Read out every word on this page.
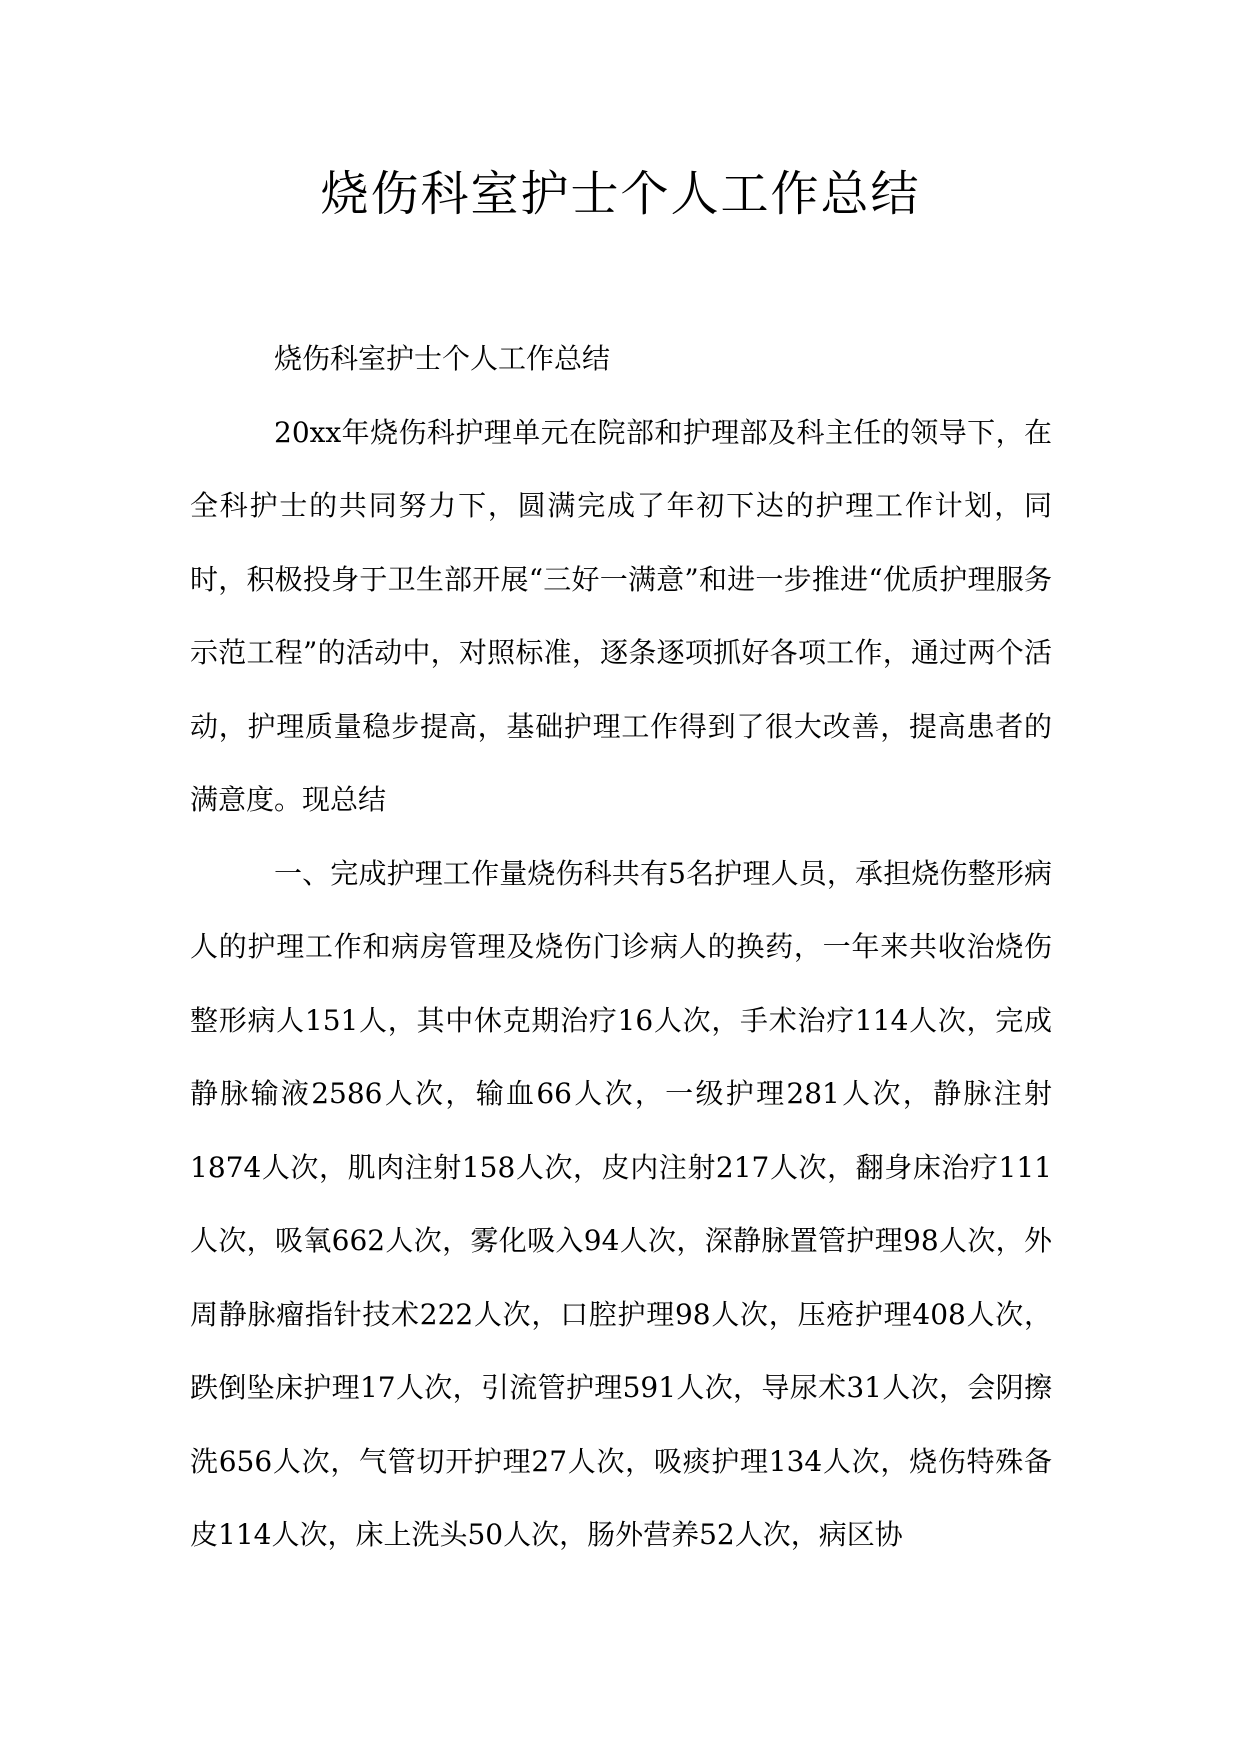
烧伤科室护士个人工作总结

烧伤科室护士个人工作总结

20xx年烧伤科护理单元在院部和护理部及科主任的领导下，在全科护士的共同努力下，圆满完成了年初下达的护理工作计划，同时，积极投身于卫生部开展“三好一满意”和进一步推进“优质护理服务示范工程”的活动中，对照标准，逐条逐项抓好各项工作，通过两个活动，护理质量稳步提高，基础护理工作得到了很大改善，提高患者的满意度。现总结

一、完成护理工作量烧伤科共有5名护理人员，承担烧伤整形病人的护理工作和病房管理及烧伤门诊病人的换药，一年来共收治烧伤整形病人151人，其中休克期治疗16人次，手术治疗114人次，完成静脉输液2586人次，输血66人次，一级护理281人次，静脉注射1874人次，肌肉注射158人次，皮内注射217人次，翻身床治疗111人次，吸氧662人次，雾化吸入94人次，深静脉置管护理98人次，外周静脉瘤指针技术222人次，口腔护理98人次，压疮护理408人次，跌倒坠床护理17人次，引流管护理591人次，导尿术31人次，会阴擦洗656人次，气管切开护理27人次，吸痰护理134人次，烧伤特殊备皮114人次，床上洗头50人次，肠外营养52人次，病区协
